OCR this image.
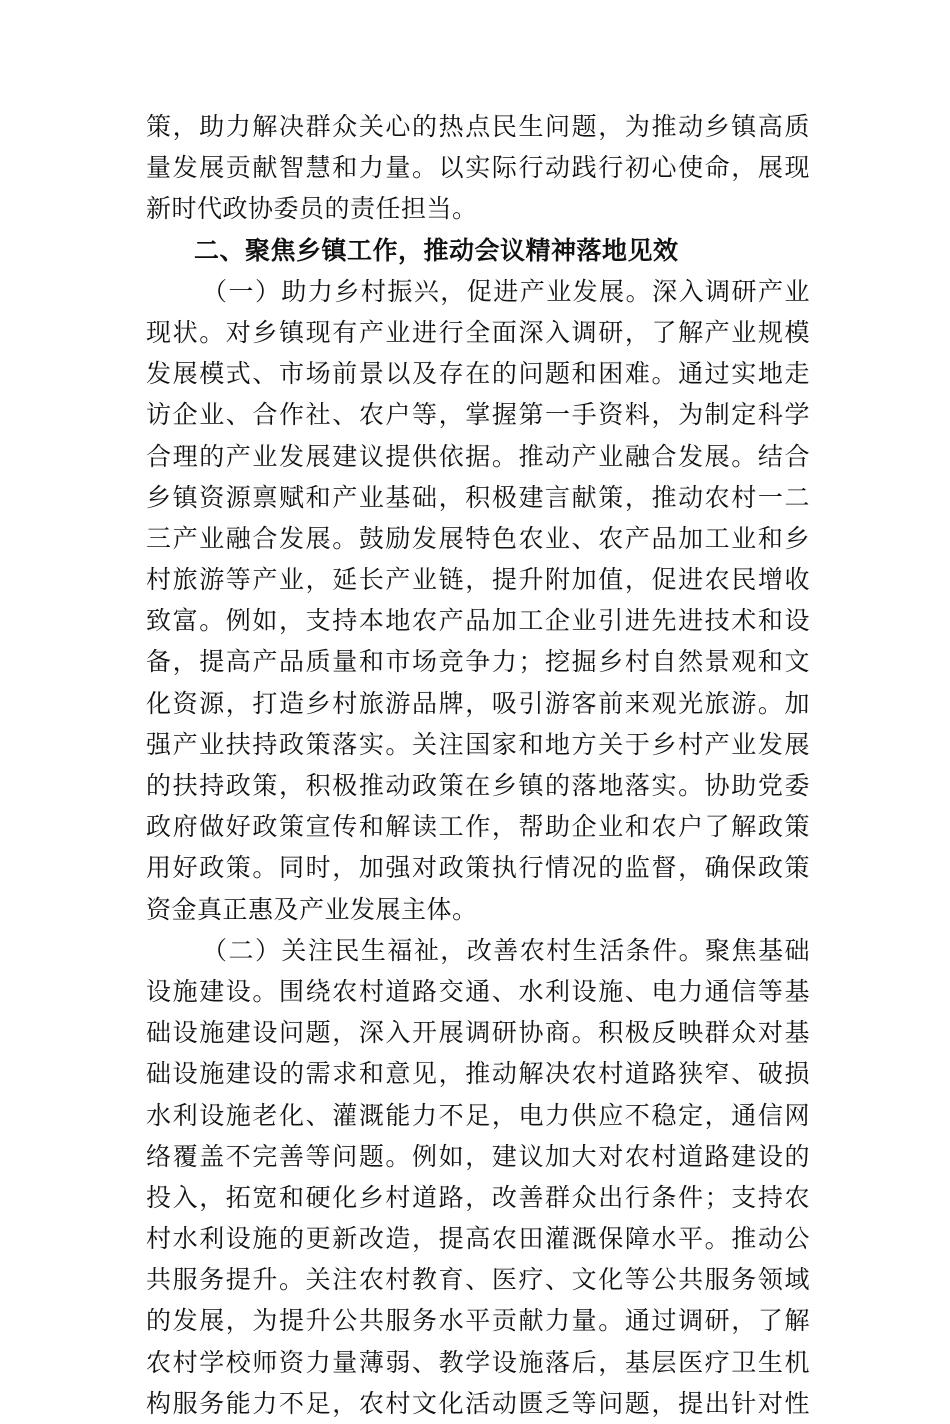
策，助力解决群众关心的热点民生问题，为推动乡镇高质
量发展贡献智慧和力量。以实际行动践行初心使命，展现
新时代政协委员的责任担当。
二、聚焦乡镇工作，推动会议精神落地见效
（一）助力乡村振兴，促进产业发展。深入调研产业
现状。对乡镇现有产业进行全面深入调研，了解产业规模
发展模式、市场前景以及存在的问题和困难。通过实地走
访企业、合作社、农户等，掌握第一手资料，为制定科学
合理的产业发展建议提供依据。推动产业融合发展。结合
乡镇资源禀赋和产业基础，积极建言献策，推动农村一二
三产业融合发展。鼓励发展特色农业、农产品加工业和乡
村旅游等产业，延长产业链，提升附加值，促进农民增收
致富。例如，支持本地农产品加工企业引进先进技术和设
备，提高产品质量和市场竞争力；挖掘乡村自然景观和文
化资源，打造乡村旅游品牌，吸引游客前来观光旅游。加
强产业扶持政策落实。关注国家和地方关于乡村产业发展
的扶持政策，积极推动政策在乡镇的落地落实。协助党委
政府做好政策宣传和解读工作，帮助企业和农户了解政策
用好政策。同时，加强对政策执行情况的监督，确保政策
资金真正惠及产业发展主体。
（二）关注民生福祉，改善农村生活条件。聚焦基础
设施建设。围绕农村道路交通、水利设施、电力通信等基
础设施建设问题，深入开展调研协商。积极反映群众对基
础设施建设的需求和意见，推动解决农村道路狭窄、破损
水利设施老化、灌溉能力不足，电力供应不稳定，通信网
络覆盖不完善等问题。例如，建议加大对农村道路建设的
投入，拓宽和硬化乡村道路，改善群众出行条件；支持农
村水利设施的更新改造，提高农田灌溉保障水平。推动公
共服务提升。关注农村教育、医疗、文化等公共服务领域
的发展，为提升公共服务水平贡献力量。通过调研，了解
农村学校师资力量薄弱、教学设施落后，基层医疗卫生机
构服务能力不足，农村文化活动匮乏等问题，提出针对性
